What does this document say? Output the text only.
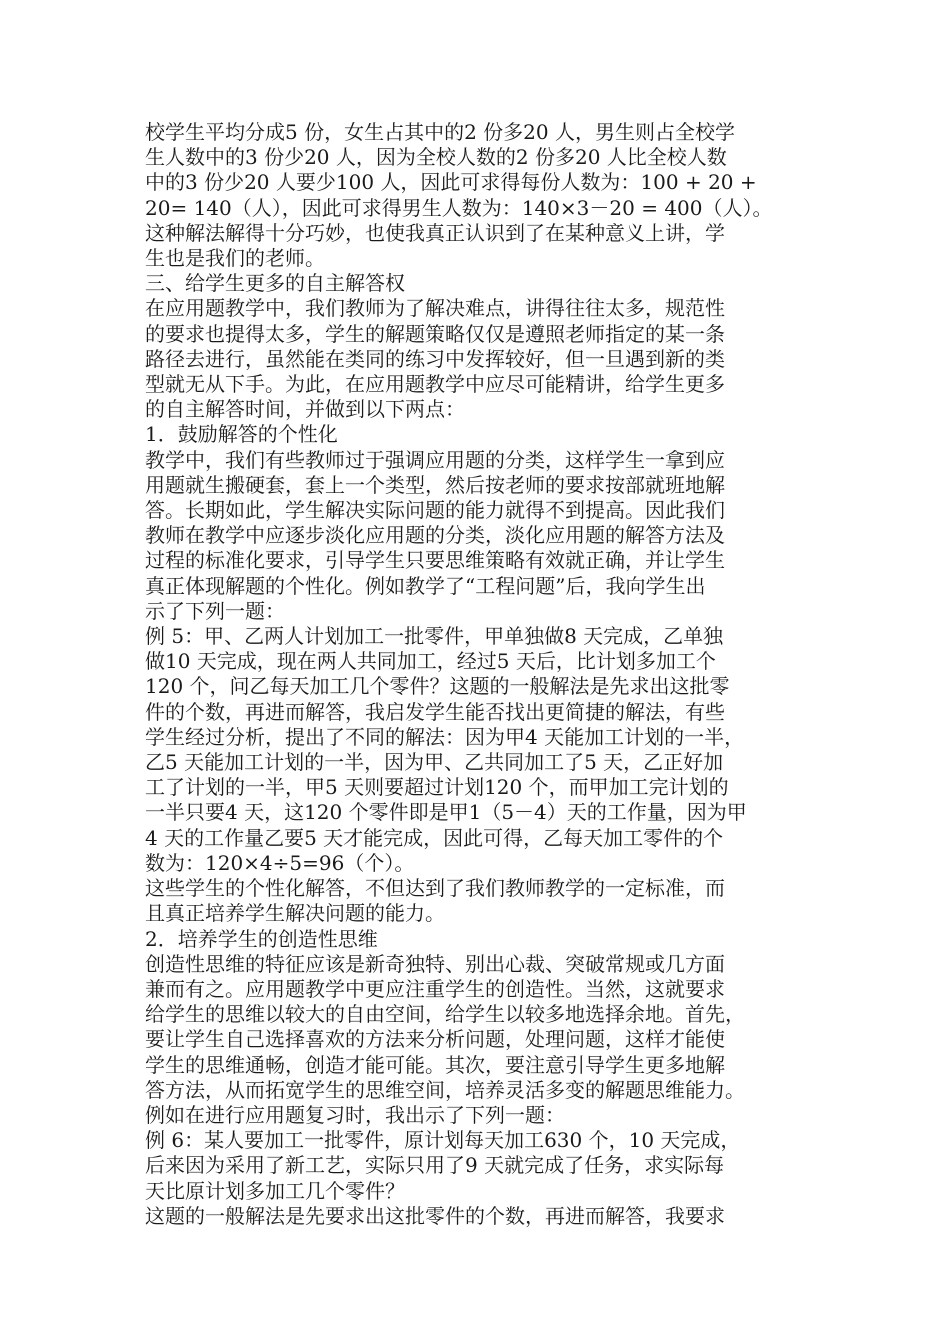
校学生平均分成5 份，女生占其中的2 份多20 人，男生则占全校学
生人数中的3 份少20 人，因为全校人数的2 份多20 人比全校人数
中的3 份少20 人要少100 人，因此可求得每份人数为：100 + 20 +
20= 140（人），因此可求得男生人数为：140×3－20 = 400（人）。
这种解法解得十分巧妙，也使我真正认识到了在某种意义上讲，学
生也是我们的老师。
三、给学生更多的自主解答权
在应用题教学中，我们教师为了解决难点，讲得往往太多，规范性
的要求也提得太多，学生的解题策略仅仅是遵照老师指定的某一条
路径去进行，虽然能在类同的练习中发挥较好，但一旦遇到新的类
型就无从下手。为此，在应用题教学中应尽可能精讲，给学生更多
的自主解答时间，并做到以下两点：
1．鼓励解答的个性化
教学中，我们有些教师过于强调应用题的分类，这样学生一拿到应
用题就生搬硬套，套上一个类型，然后按老师的要求按部就班地解
答。长期如此，学生解决实际问题的能力就得不到提高。因此我们
教师在教学中应逐步淡化应用题的分类，淡化应用题的解答方法及
过程的标准化要求，引导学生只要思维策略有效就正确，并让学生
真正体现解题的个性化。例如教学了“工程问题”后，我向学生出
示了下列一题：
例 5：甲、乙两人计划加工一批零件，甲单独做8 天完成，乙单独
做10 天完成，现在两人共同加工，经过5 天后，比计划多加工个
120 个，问乙每天加工几个零件？这题的一般解法是先求出这批零
件的个数，再进而解答，我启发学生能否找出更简捷的解法，有些
学生经过分析，提出了不同的解法：因为甲4 天能加工计划的一半，
乙5 天能加工计划的一半，因为甲、乙共同加工了5 天，乙正好加
工了计划的一半，甲5 天则要超过计划120 个，而甲加工完计划的
一半只要4 天，这120 个零件即是甲1（5－4）天的工作量，因为甲
4 天的工作量乙要5 天才能完成，因此可得，乙每天加工零件的个
数为：120×4÷5=96（个）。
这些学生的个性化解答，不但达到了我们教师教学的一定标准，而
且真正培养学生解决问题的能力。
2．培养学生的创造性思维
创造性思维的特征应该是新奇独特、别出心裁、突破常规或几方面
兼而有之。应用题教学中更应注重学生的创造性。当然，这就要求
给学生的思维以较大的自由空间，给学生以较多地选择余地。首先，
要让学生自己选择喜欢的方法来分析问题，处理问题，这样才能使
学生的思维通畅，创造才能可能。其次，要注意引导学生更多地解
答方法，从而拓宽学生的思维空间，培养灵活多变的解题思维能力。
例如在进行应用题复习时，我出示了下列一题：
例 6：某人要加工一批零件，原计划每天加工630 个，10 天完成，
后来因为采用了新工艺，实际只用了9 天就完成了任务，求实际每
天比原计划多加工几个零件？
这题的一般解法是先要求出这批零件的个数，再进而解答，我要求
